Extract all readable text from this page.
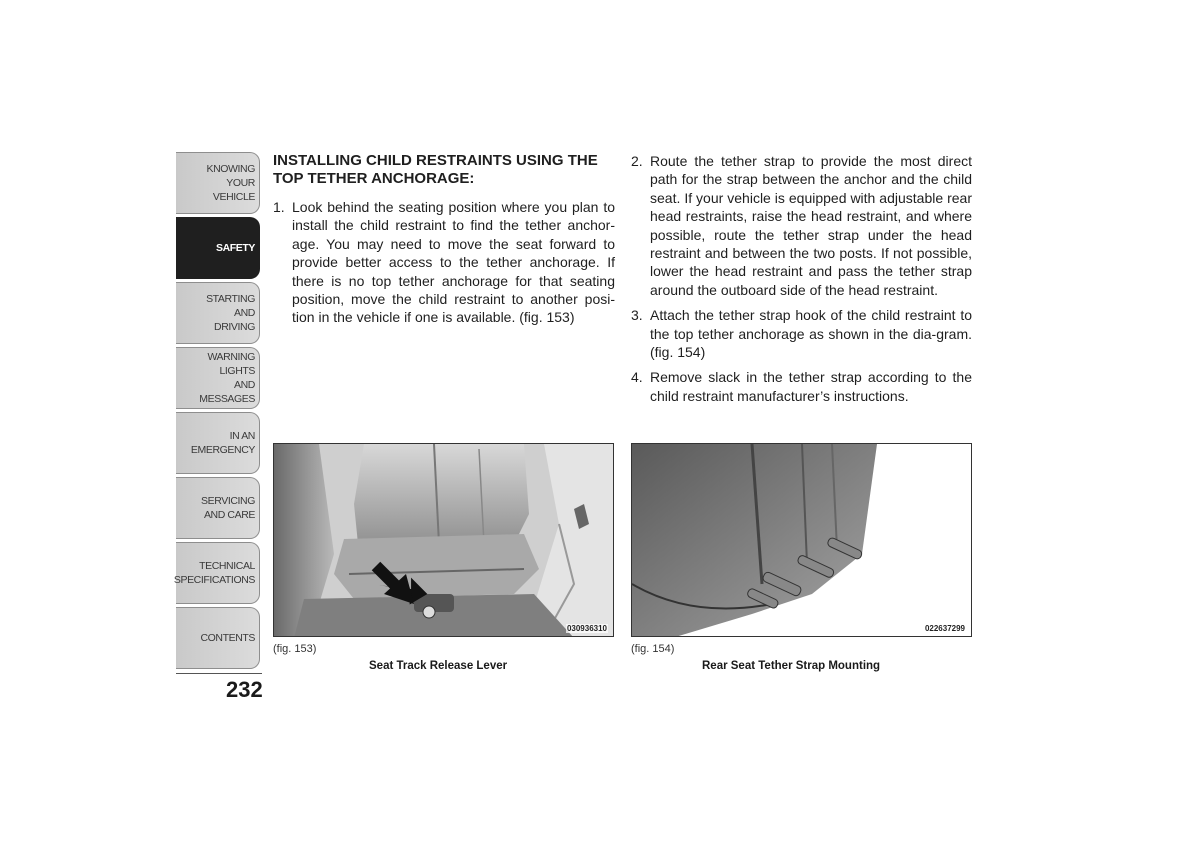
KNOWING
YOUR
VEHICLE
SAFETY
STARTING
AND
DRIVING
WARNING
LIGHTS
AND
MESSAGES
IN AN
EMERGENCY
SERVICING
AND CARE
TECHNICAL
SPECIFICATIONS
CONTENTS
232
INSTALLING CHILD RESTRAINTS USING THE TOP TETHER ANCHORAGE:
1. Look behind the seating position where you plan to install the child restraint to find the tether anchor-age. You may need to move the seat forward to provide better access to the tether anchorage. If there is no top tether anchorage for that seating position, move the child restraint to another posi-tion in the vehicle if one is available. (fig. 153)
2. Route the tether strap to provide the most direct path for the strap between the anchor and the child seat. If your vehicle is equipped with adjustable rear head restraints, raise the head restraint, and where possible, route the tether strap under the head restraint and between the two posts. If not possible, lower the head restraint and pass the tether strap around the outboard side of the head restraint.
3. Attach the tether strap hook of the child restraint to the top tether anchorage as shown in the dia-gram. (fig. 154)
4. Remove slack in the tether strap according to the child restraint manufacturer’s instructions.
030936310
(fig. 153)
Seat Track Release Lever
022637299
(fig. 154)
Rear Seat Tether Strap Mounting
